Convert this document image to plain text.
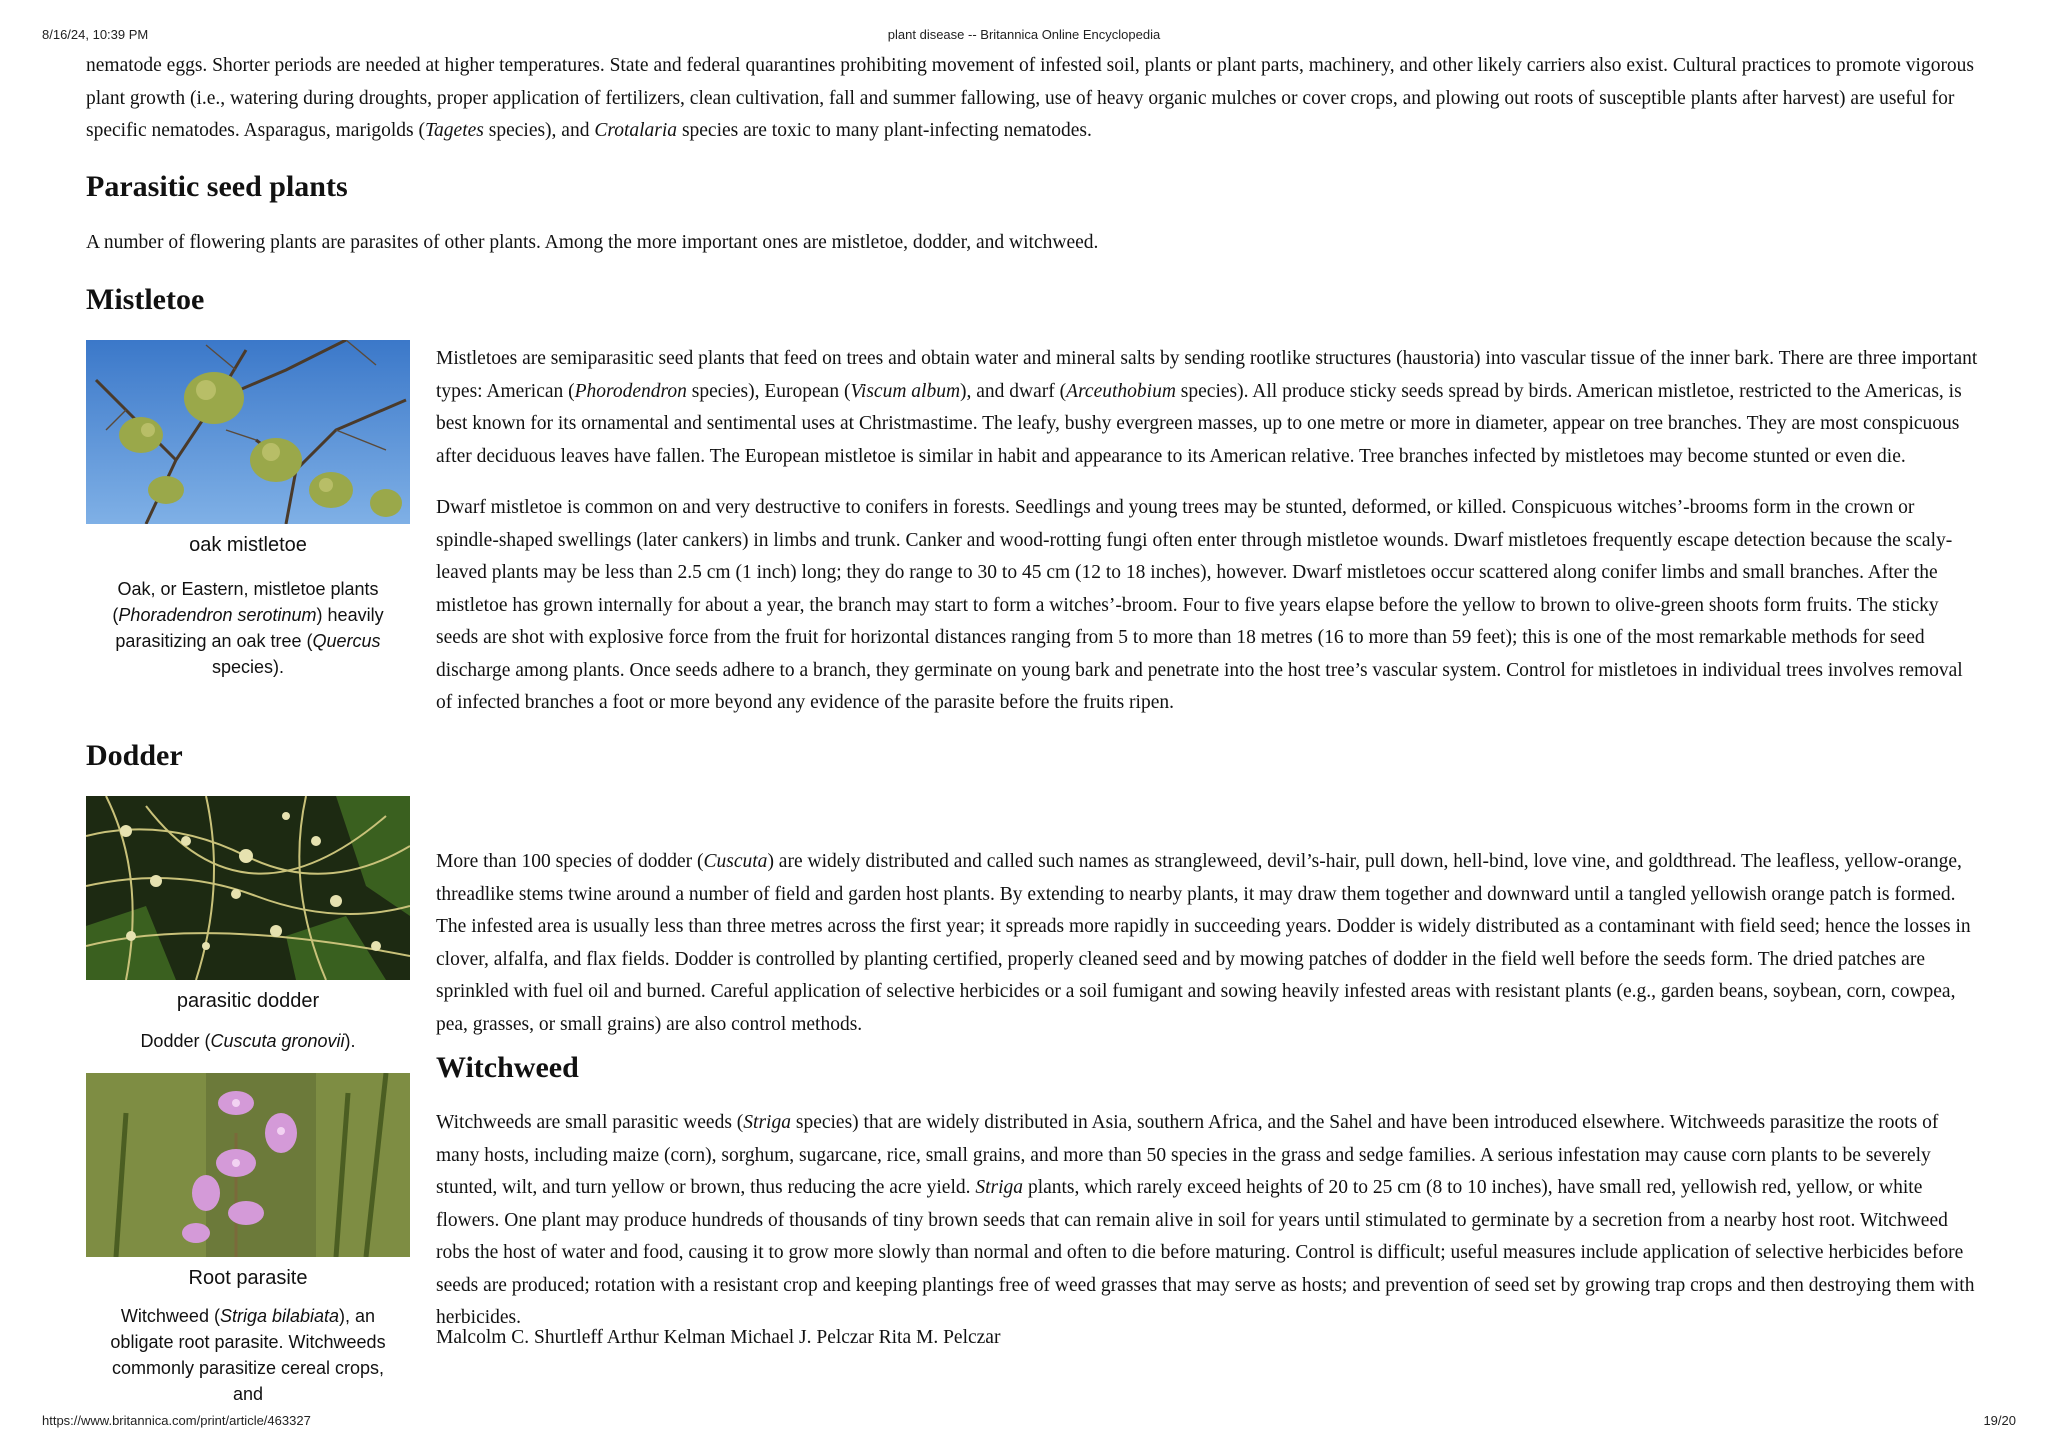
8/16/24, 10:39 PM	plant disease -- Britannica Online Encyclopedia

nematode eggs. Shorter periods are needed at higher temperatures. State and federal quarantines prohibiting movement of infested soil, plants or plant parts, machinery, and other likely carriers also exist. Cultural practices to promote vigorous plant growth (i.e., watering during droughts, proper application of fertilizers, clean cultivation, fall and summer fallowing, use of heavy organic mulches or cover crops, and plowing out roots of susceptible plants after harvest) are useful for specific nematodes. Asparagus, marigolds (Tagetes species), and Crotalaria species are toxic to many plant-infecting nematodes.

Parasitic seed plants

A number of flowering plants are parasites of other plants. Among the more important ones are mistletoe, dodder, and witchweed.

Mistletoe
oak mistletoe
Oak, or Eastern, mistletoe plants (Phoradendron serotinum) heavily parasitizing an oak tree (Quercus species).

Mistletoes are semiparasitic seed plants that feed on trees and obtain water and mineral salts by sending rootlike structures (haustoria) into vascular tissue of the inner bark. There are three important types: American (Phorodendron species), European (Viscum album), and dwarf (Arceuthobium species). All produce sticky seeds spread by birds. American mistletoe, restricted to the Americas, is best known for its ornamental and sentimental uses at Christmastime. The leafy, bushy evergreen masses, up to one metre or more in diameter, appear on tree branches. They are most conspicuous after deciduous leaves have fallen. The European mistletoe is similar in habit and appearance to its American relative. Tree branches infected by mistletoes may become stunted or even die.

Dwarf mistletoe is common on and very destructive to conifers in forests. Seedlings and young trees may be stunted, deformed, or killed. Conspicuous witches’-brooms form in the crown or spindle-shaped swellings (later cankers) in limbs and trunk. Canker and wood-rotting fungi often enter through mistletoe wounds. Dwarf mistletoes frequently escape detection because the scaly-leaved plants may be less than 2.5 cm (1 inch) long; they do range to 30 to 45 cm (12 to 18 inches), however. Dwarf mistletoes occur scattered along conifer limbs and small branches. After the mistletoe has grown internally for about a year, the branch may start to form a witches’-broom. Four to five years elapse before the yellow to brown to olive-green shoots form fruits. The sticky seeds are shot with explosive force from the fruit for horizontal distances ranging from 5 to more than 18 metres (16 to more than 59 feet); this is one of the most remarkable methods for seed discharge among plants. Once seeds adhere to a branch, they germinate on young bark and penetrate into the host tree’s vascular system. Control for mistletoes in individual trees involves removal of infected branches a foot or more beyond any evidence of the parasite before the fruits ripen.

Dodder
parasitic dodder
Dodder (Cuscuta gronovii).

More than 100 species of dodder (Cuscuta) are widely distributed and called such names as strangleweed, devil’s-hair, pull down, hell-bind, love vine, and goldthread. The leafless, yellow-orange, threadlike stems twine around a number of field and garden host plants. By extending to nearby plants, it may draw them together and downward until a tangled yellowish orange patch is formed. The infested area is usually less than three metres across the first year; it spreads more rapidly in succeeding years. Dodder is widely distributed as a contaminant with field seed; hence the losses in clover, alfalfa, and flax fields. Dodder is controlled by planting certified, properly cleaned seed and by mowing patches of dodder in the field well before the seeds form. The dried patches are sprinkled with fuel oil and burned. Careful application of selective herbicides or a soil fumigant and sowing heavily infested areas with resistant plants (e.g., garden beans, soybean, corn, cowpea, pea, grasses, or small grains) are also control methods.

Witchweed
Root parasite
Witchweed (Striga bilabiata), an obligate root parasite. Witchweeds commonly parasitize cereal crops, and

Witchweeds are small parasitic weeds (Striga species) that are widely distributed in Asia, southern Africa, and the Sahel and have been introduced elsewhere. Witchweeds parasitize the roots of many hosts, including maize (corn), sorghum, sugarcane, rice, small grains, and more than 50 species in the grass and sedge families. A serious infestation may cause corn plants to be severely stunted, wilt, and turn yellow or brown, thus reducing the acre yield. Striga plants, which rarely exceed heights of 20 to 25 cm (8 to 10 inches), have small red, yellowish red, yellow, or white flowers. One plant may produce hundreds of thousands of tiny brown seeds that can remain alive in soil for years until stimulated to germinate by a secretion from a nearby host root. Witchweed robs the host of water and food, causing it to grow more slowly than normal and often to die before maturing. Control is difficult; useful measures include application of selective herbicides before seeds are produced; rotation with a resistant crop and keeping plantings free of weed grasses that may serve as hosts; and prevention of seed set by growing trap crops and then destroying them with herbicides.

Malcolm C. Shurtleff Arthur Kelman Michael J. Pelczar Rita M. Pelczar

https://www.britannica.com/print/article/463327	19/20
